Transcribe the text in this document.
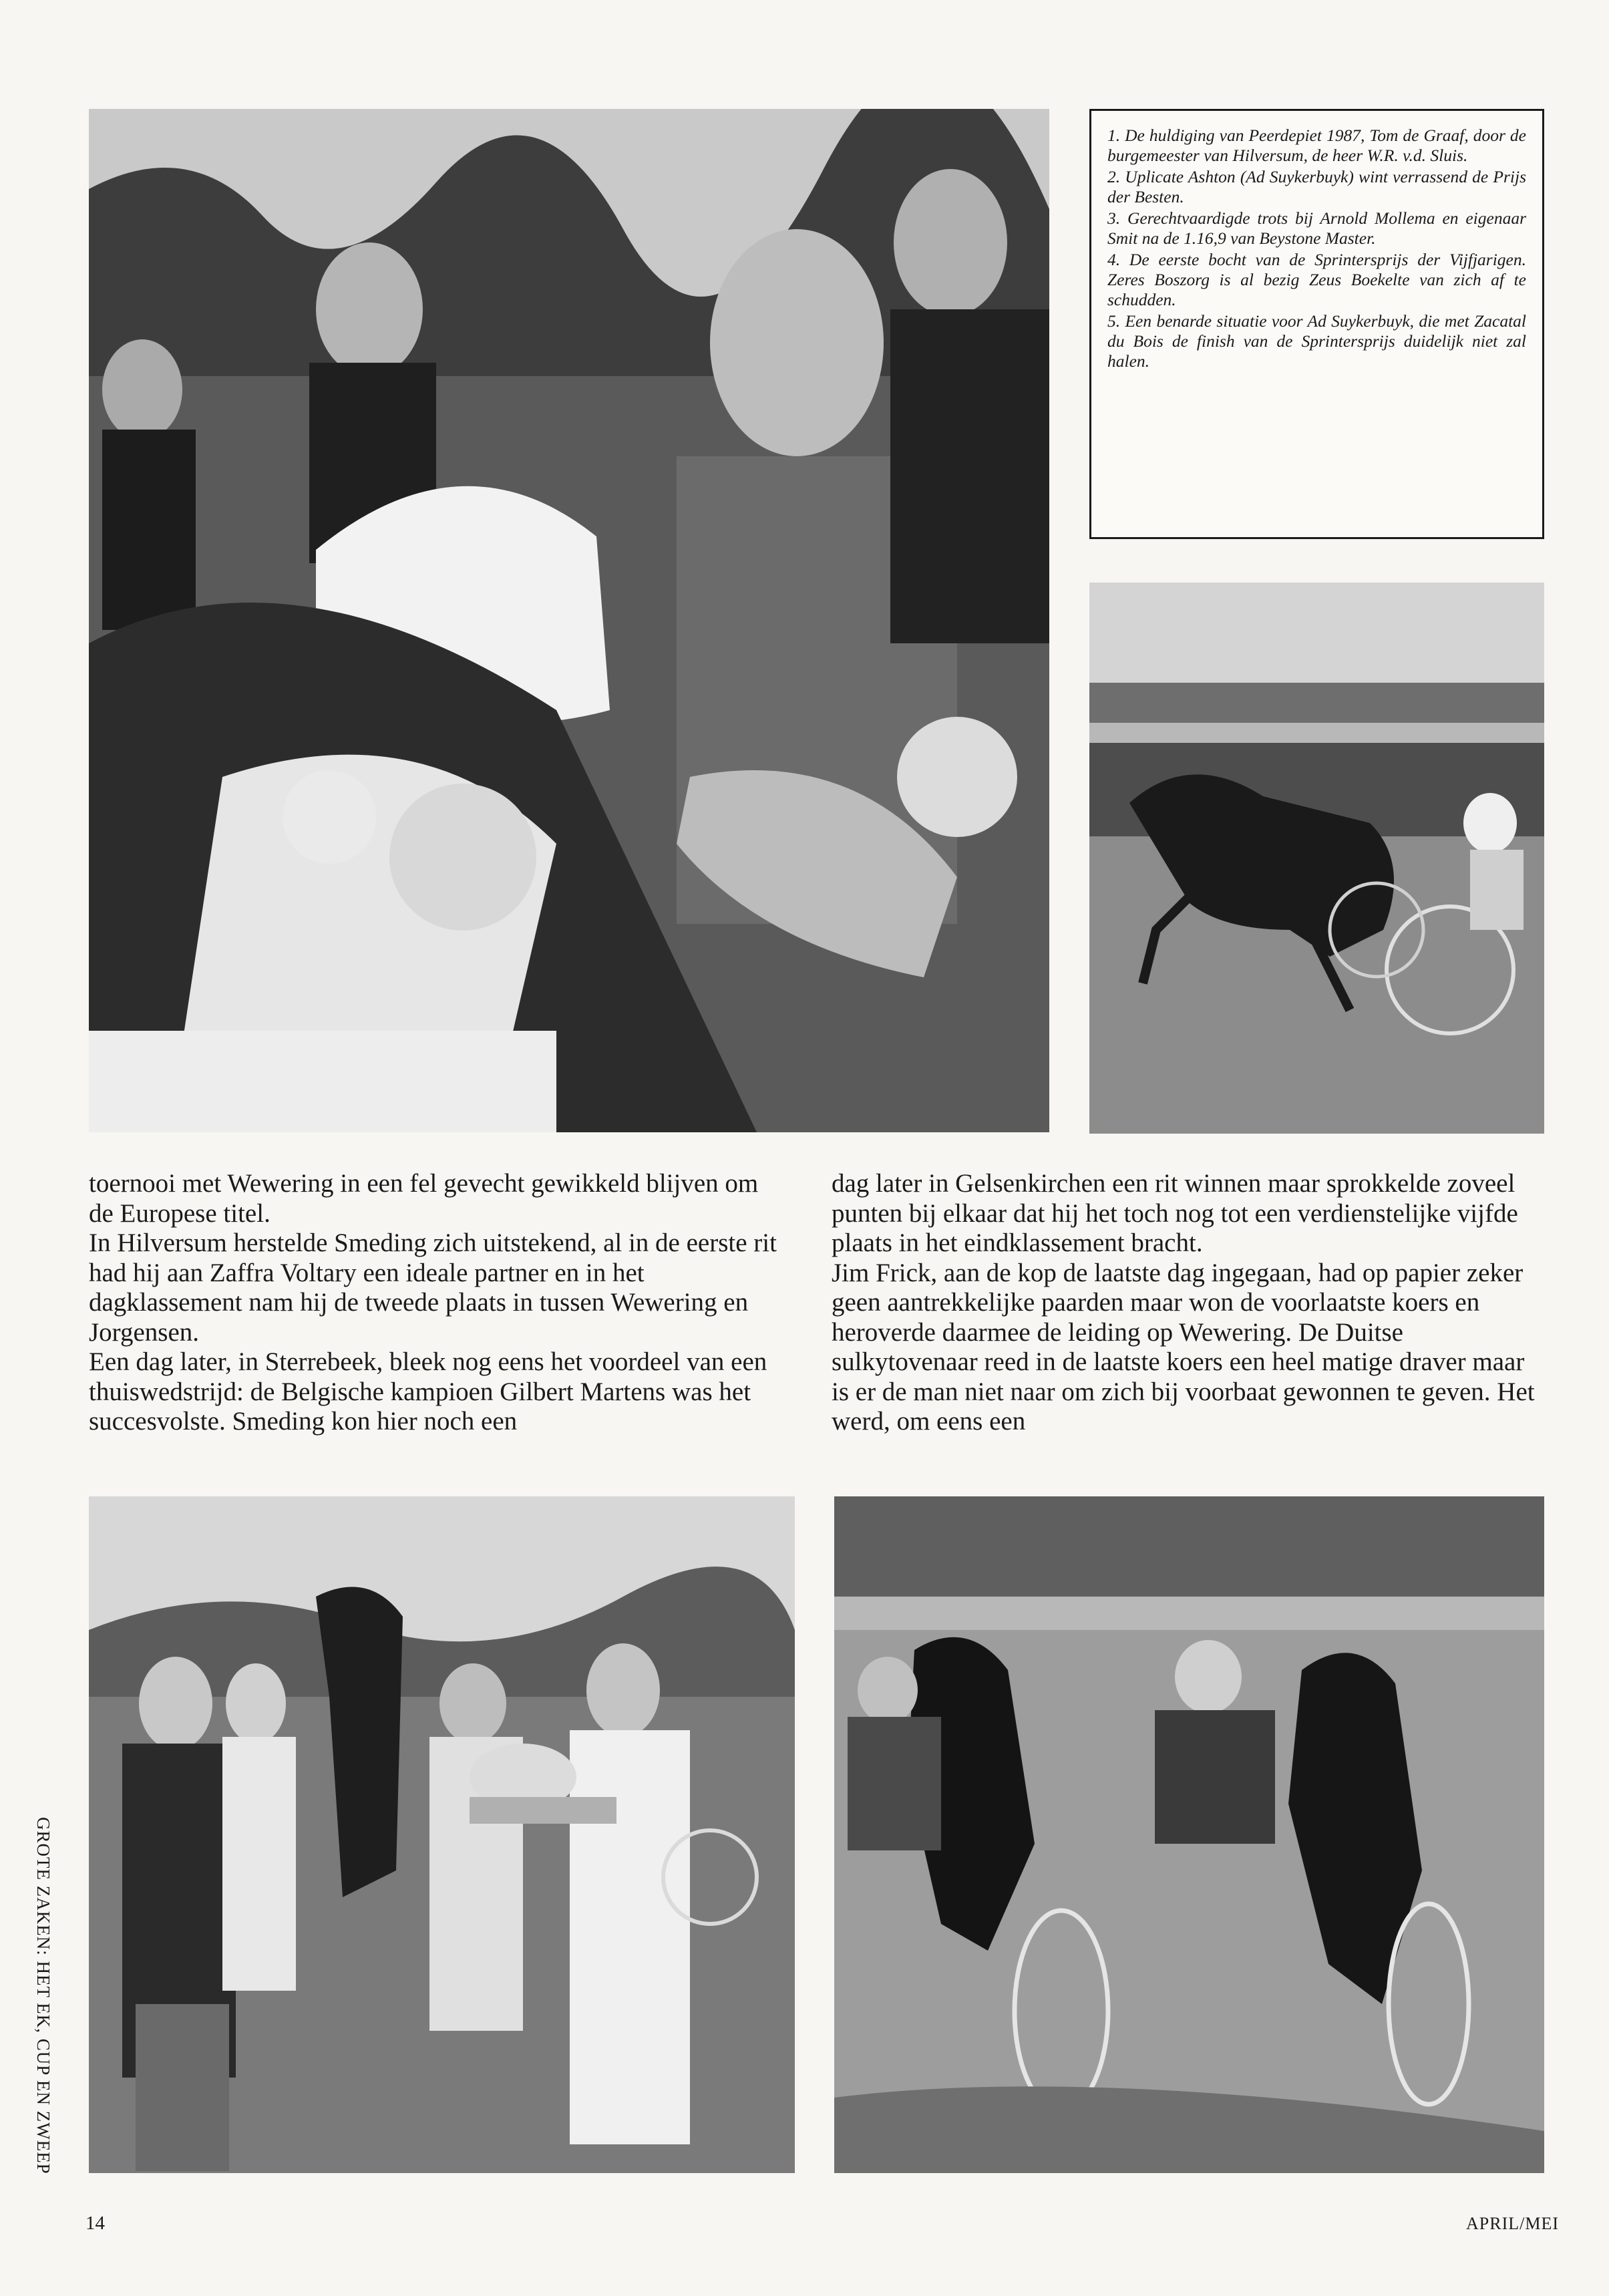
1. De huldiging van Peerdepiet 1987, Tom de Graaf, door de burgemeester van Hilversum, de heer W.R. v.d. Sluis.

2. Uplicate Ashton (Ad Suykerbuyk) wint verrassend de Prijs der Besten.

3. Gerechtvaardigde trots bij Arnold Mollema en eigenaar Smit na de 1.16,9 van Beystone Master.

4. De eerste bocht van de Sprintersprijs der Vijfjarigen. Zeres Boszorg is al bezig Zeus Boekelte van zich af te schudden.

5. Een benarde situatie voor Ad Suykerbuyk, die met Zacatal du Bois de finish van de Sprintersprijs duidelijk niet zal halen.

toernooi met Wewering in een fel gevecht gewikkeld blijven om de Europese titel.

In Hilversum herstelde Smeding zich uitstekend, al in de eerste rit had hij aan Zaffra Voltary een ideale partner en in het dagklassement nam hij de tweede plaats in tussen Wewering en Jorgensen.

Een dag later, in Sterrebeek, bleek nog eens het voordeel van een thuiswedstrijd: de Belgische kampioen Gilbert Martens was het succesvolste. Smeding kon hier noch een

dag later in Gelsenkirchen een rit winnen maar sprokkelde zoveel punten bij elkaar dat hij het toch nog tot een verdienstelijke vijfde plaats in het eindklassement bracht.

Jim Frick, aan de kop de laatste dag ingegaan, had op papier zeker geen aantrekkelijke paarden maar won de voorlaatste koers en heroverde daarmee de leiding op Wewering. De Duitse sulkytovenaar reed in de laatste koers een heel matige draver maar is er de man niet naar om zich bij voorbaat gewonnen te geven. Het werd, om eens een

GROTE ZAKEN: HET EK, CUP EN ZWEEP
14	APRIL/MEI
